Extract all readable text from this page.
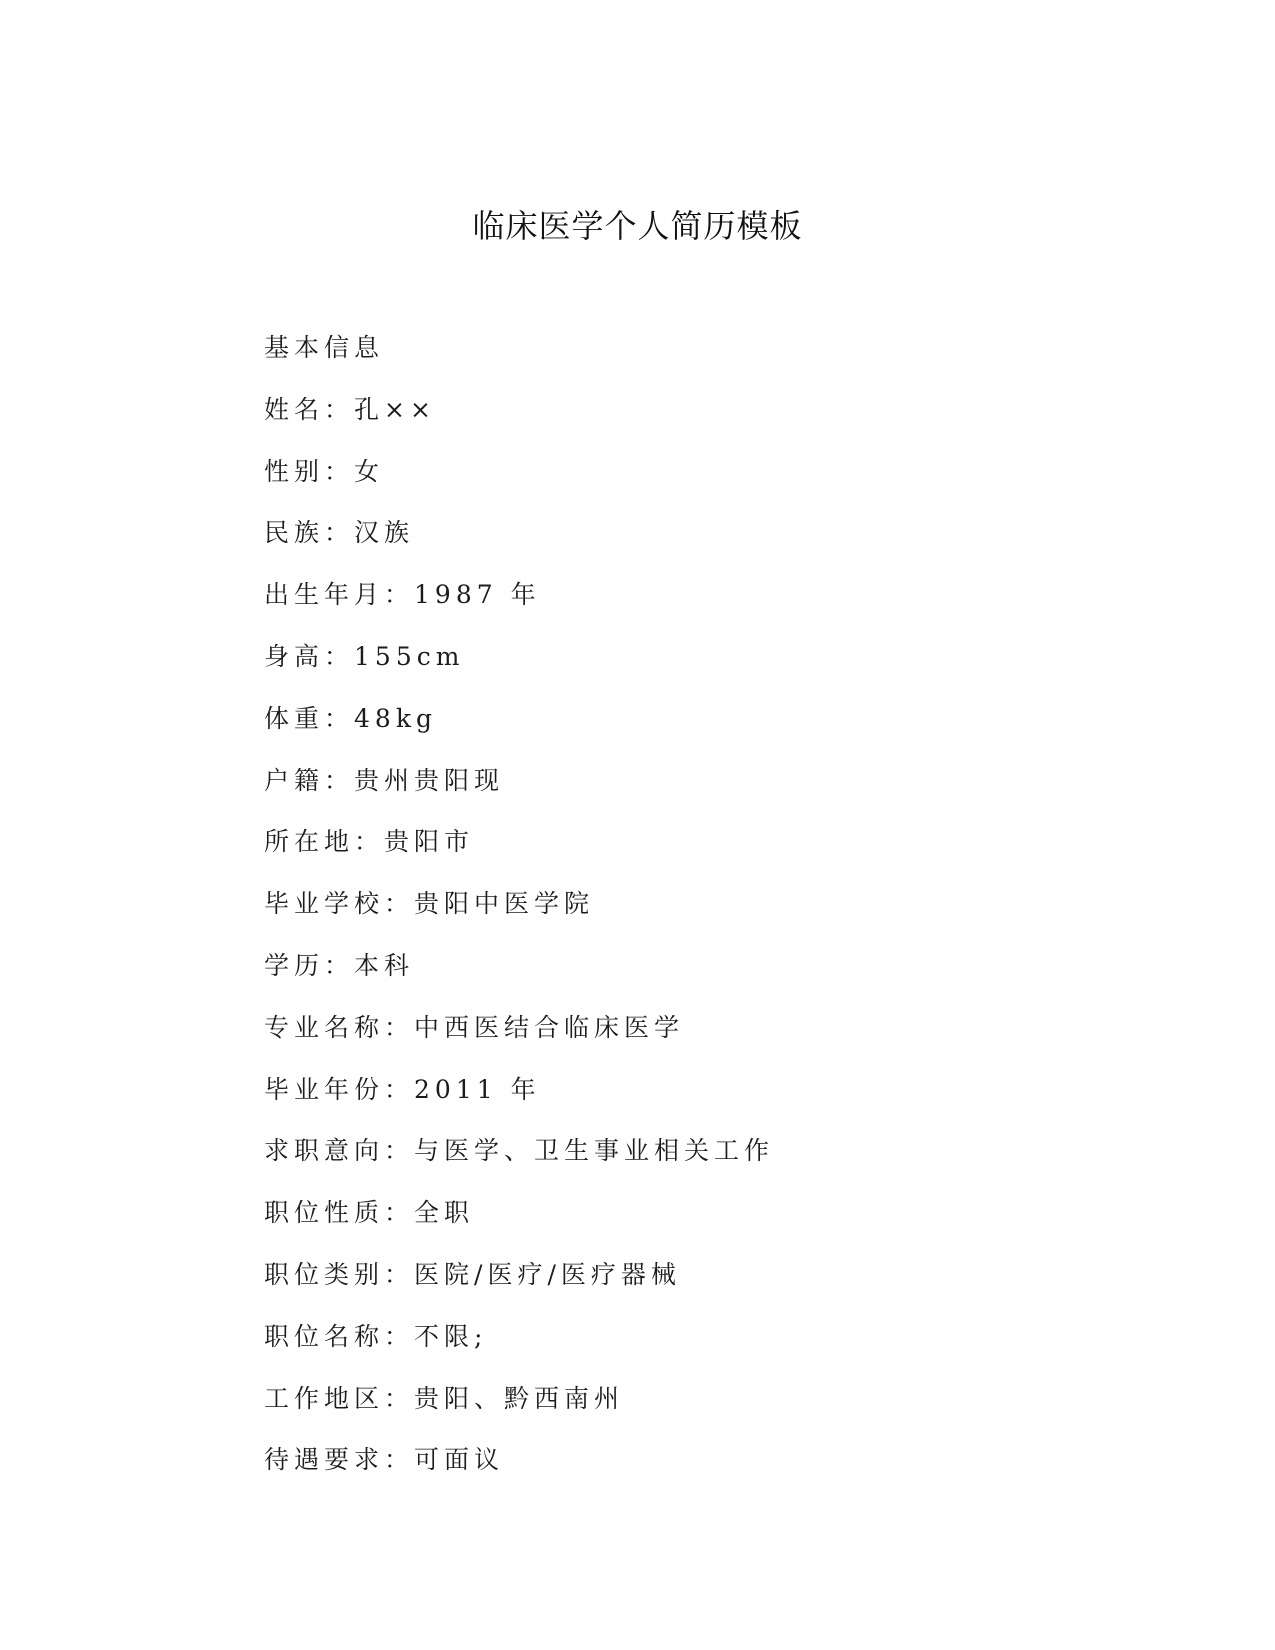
临床医学个人简历模板
基本信息
姓名：孔××
性别：女
民族：汉族
出生年月：1987 年
身高：155cm
体重：48kg
户籍：贵州贵阳现
所在地：贵阳市
毕业学校：贵阳中医学院
学历：本科
专业名称：中西医结合临床医学
毕业年份：2011 年
求职意向：与医学、卫生事业相关工作
职位性质：全职
职位类别：医院/医疗/医疗器械
职位名称：不限;
工作地区：贵阳、黔西南州
待遇要求：可面议
